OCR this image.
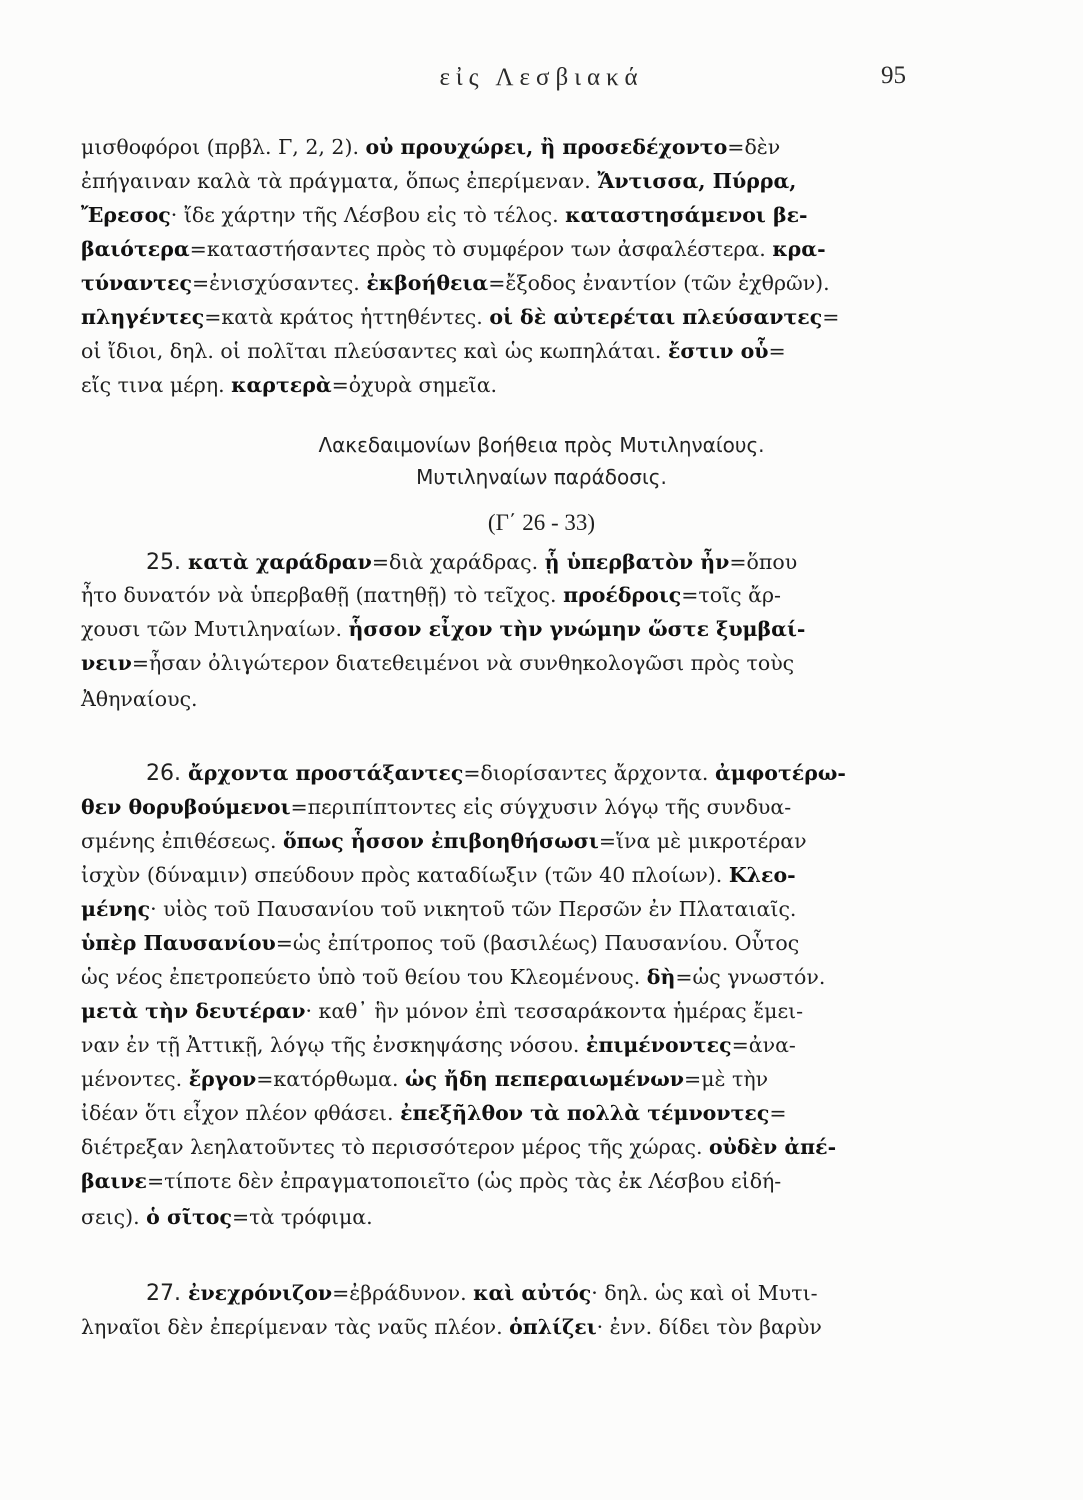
εἰς Λεσβιακά	95
μισθοφόροι (πρβλ. Γ, 2, 2). οὐ προυχώρει, ἢ προσεδέχοντο=δὲν
ἐπήγαιναν καλὰ τὰ πράγματα, ὅπως ἐπερίμεναν. Ἄντισσα, Πύρρα,
Ἔρεσος· ἴδε χάρτην τῆς Λέσβου εἰς τὸ τέλος. καταστησάμενοι βε-
βαιότερα=καταστήσαντες πρὸς τὸ συμφέρον των ἀσφαλέστερα. κρα-
τύναντες=ἐνισχύσαντες. ἐκβοήθεια=ἔξοδος ἐναντίον (τῶν ἐχθρῶν).
πληγέντες=κατὰ κράτος ἡττηθέντες. οἱ δὲ αὐτερέται πλεύσαντες=
οἱ ἴδιοι, δηλ. οἱ πολῖται πλεύσαντες καὶ ὡς κωπηλάται. ἔστιν οὗ=
εἴς τινα μέρη. καρτερὰ=ὀχυρὰ σημεῖα.
Λακεδαιμονίων βοήθεια πρὸς Μυτιληναίους.
Μυτιληναίων παράδοσις.
(Γ΄ 26 - 33)
25. κατὰ χαράδραν=διὰ χαράδρας. ᾗ ὑπερβατὸν ἦν=ὅπου
ἦτο δυνατόν νὰ ὑπερβαθῇ (πατηθῇ) τὸ τεῖχος. προέδροις=τοῖς ἄρ-
χουσι τῶν Μυτιληναίων. ἧσσον εἶχον τὴν γνώμην ὥστε ξυμβαί-
νειν=ἦσαν ὀλιγώτερον διατεθειμένοι νὰ συνθηκολογῶσι πρὸς τοὺς
Ἀθηναίους.
26. ἄρχοντα προστάξαντες=διορίσαντες ἄρχοντα. ἀμφοτέρω-
θεν θορυβούμενοι=περιπίπτοντες εἰς σύγχυσιν λόγῳ τῆς συνδυα-
σμένης ἐπιθέσεως. ὅπως ἧσσον ἐπιβοηθήσωσι=ἵνα μὲ μικροτέραν
ἰσχὺν (δύναμιν) σπεύδουν πρὸς καταδίωξιν (τῶν 40 πλοίων). Κλεο-
μένης· υἱὸς τοῦ Παυσανίου τοῦ νικητοῦ τῶν Περσῶν ἐν Πλαταιαῖς.
ὑπὲρ Παυσανίου=ὡς ἐπίτροπος τοῦ (βασιλέως) Παυσανίου. Οὗτος
ὡς νέος ἐπετροπεύετο ὑπὸ τοῦ θείου του Κλεομένους. δὴ=ὡς γνωστόν.
μετὰ τὴν δευτέραν· καθ᾽ ἣν μόνον ἐπὶ τεσσαράκοντα ἡμέρας ἔμει-
ναν ἐν τῇ Ἀττικῇ, λόγῳ τῆς ἐνσκηψάσης νόσου. ἐπιμένοντες=ἀνα-
μένοντες. ἔργον=κατόρθωμα. ὡς ἤδη πεπεραιωμένων=μὲ τὴν
ἰδέαν ὅτι εἶχον πλέον φθάσει. ἐπεξῆλθον τὰ πολλὰ τέμνοντες=
διέτρεξαν λεηλατοῦντες τὸ περισσότερον μέρος τῆς χώρας. οὐδὲν ἀπέ-
βαινε=τίποτε δὲν ἐπραγματοποιεῖτο (ὡς πρὸς τὰς ἐκ Λέσβου εἰδή-
σεις). ὁ σῖτος=τὰ τρόφιμα.
27. ἐνεχρόνιζον=ἐβράδυνον. καὶ αὐτός· δηλ. ὡς καὶ οἱ Μυτι-
ληναῖοι δὲν ἐπερίμεναν τὰς ναῦς πλέον. ὁπλίζει· ἐνν. δίδει τὸν βαρὺν
